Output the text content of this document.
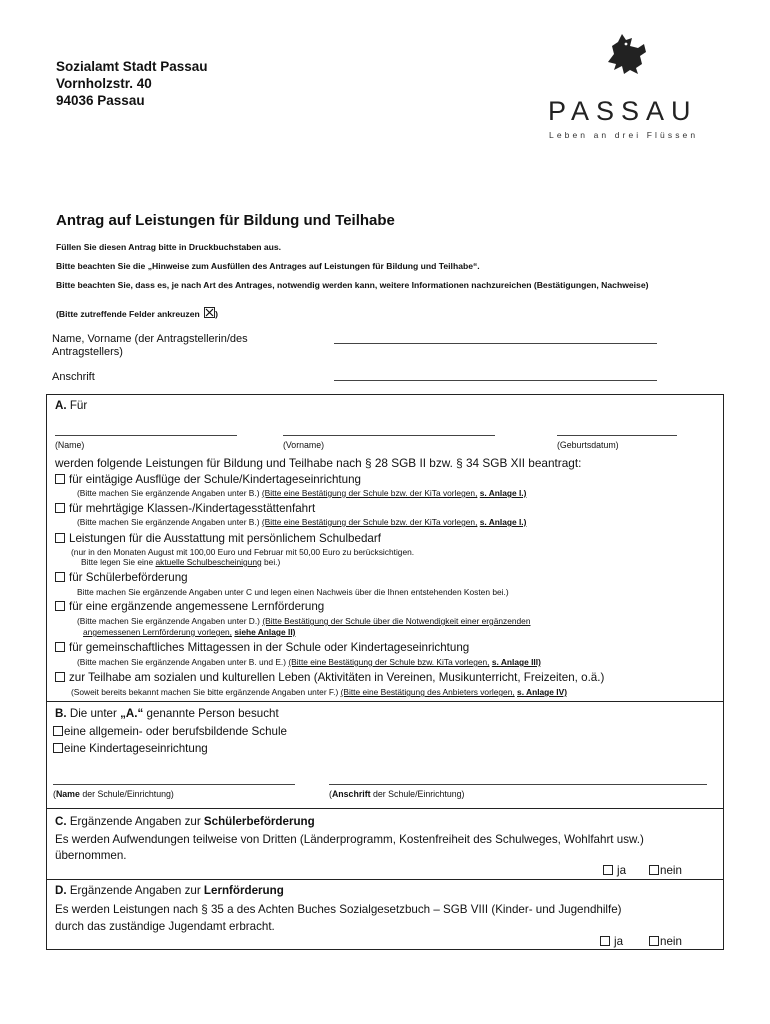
Sozialamt Stadt Passau
Vornholzstr. 40
94036 Passau	PASSAU
Leben an drei Flüssen
Antrag auf Leistungen für Bildung und Teilhabe
Füllen Sie diesen Antrag bitte in Druckbuchstaben aus.
Bitte beachten Sie die „Hinweise zum Ausfüllen des Antrages auf Leistungen für Bildung und Teilhabe“.
Bitte beachten Sie, dass es, je nach Art des Antrages, notwendig werden kann, weitere Informationen nachzureichen (Bestätigungen, Nachweise)
(Bitte zutreffende Felder ankreuzen )
Name, Vorname (der Antragstellerin/des Antragstellers)
Anschrift
A. Für
(Name)	(Vorname)	(Geburtsdatum)
werden folgende Leistungen für Bildung und Teilhabe nach § 28 SGB II bzw. § 34 SGB XII beantragt:
für eintägige Ausflüge der Schule/Kindertageseinrichtung
(Bitte machen Sie ergänzende Angaben unter B.) (Bitte eine Bestätigung der Schule bzw. der KiTa vorlegen, s. Anlage I.)
für mehrtägige Klassen-/Kindertagesstättenfahrt
(Bitte machen Sie ergänzende Angaben unter B.) (Bitte eine Bestätigung der Schule bzw. der KiTa vorlegen, s. Anlage I.)
Leistungen für die Ausstattung mit persönlichem Schulbedarf
(nur in den Monaten August mit 100,00 Euro und Februar mit 50,00 Euro zu berücksichtigen.
Bitte legen Sie eine aktuelle Schulbescheinigung bei.)
für Schülerbeförderung
Bitte machen Sie ergänzende Angaben unter C und legen einen Nachweis über die Ihnen entstehenden Kosten bei.)
für eine ergänzende angemessene Lernförderung
(Bitte machen Sie ergänzende Angaben unter D.) (Bitte Bestätigung der Schule über die Notwendigkeit einer ergänzenden
angemessenen Lernförderung vorlegen, siehe Anlage II)
für gemeinschaftliches Mittagessen in der Schule oder Kindertageseinrichtung
(Bitte machen Sie ergänzende Angaben unter B. und E.) (Bitte eine Bestätigung der Schule bzw. KiTa vorlegen, s. Anlage III)
zur Teilhabe am sozialen und kulturellen Leben (Aktivitäten in Vereinen, Musikunterricht, Freizeiten, o.ä.)
(Soweit bereits bekannt machen Sie bitte ergänzende Angaben unter F.) (Bitte eine Bestätigung des Anbieters vorlegen, s. Anlage IV)
B. Die unter „A.“ genannte Person besucht
eine allgemein- oder berufsbildende Schule
eine Kindertageseinrichtung
(Name der Schule/Einrichtung)	(Anschrift der Schule/Einrichtung)
C. Ergänzende Angaben zur Schülerbeförderung
Es werden Aufwendungen teilweise von Dritten (Länderprogramm, Kostenfreiheit des Schulweges, Wohlfahrt usw.) übernommen.
ja	nein
D. Ergänzende Angaben zur Lernförderung
Es werden Leistungen nach § 35 a des Achten Buches Sozialgesetzbuch – SGB VIII (Kinder- und Jugendhilfe)
durch das zuständige Jugendamt erbracht.
ja	nein
